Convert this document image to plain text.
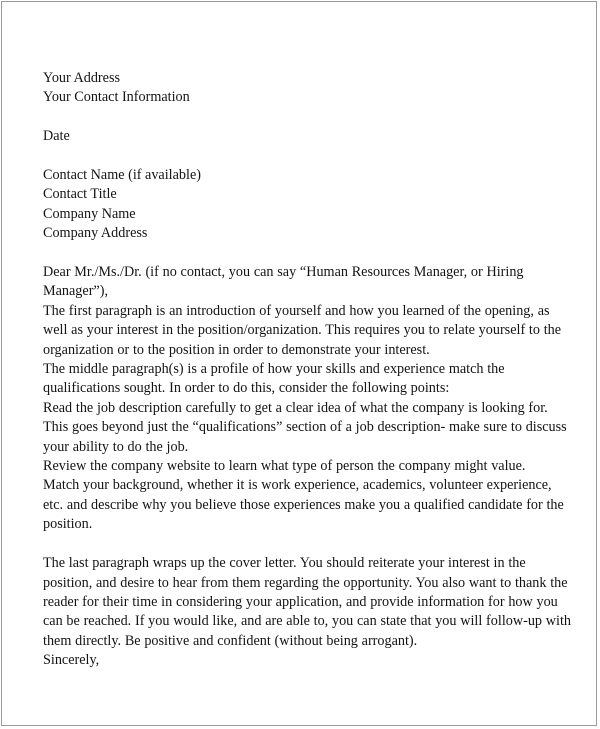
Your Address

Your Contact Information

Date

Contact Name (if available)

Contact Title

Company Name

Company Address

Dear Mr./Ms./Dr. (if no contact, you can say “Human Resources Manager, or Hiring Manager”),

The first paragraph is an introduction of yourself and how you learned of the opening, as well as your interest in the position/organization. This requires you to relate yourself to the organization or to the position in order to demonstrate your interest.

The middle paragraph(s) is a profile of how your skills and experience match the qualifications sought. In order to do this, consider the following points:

Read the job description carefully to get a clear idea of what the company is looking for. This goes beyond just the “qualifications” section of a job description- make sure to discuss your ability to do the job.

Review the company website to learn what type of person the company might value.

Match your background, whether it is work experience, academics, volunteer experience, etc. and describe why you believe those experiences make you a qualified candidate for the position.

The last paragraph wraps up the cover letter. You should reiterate your interest in the position, and desire to hear from them regarding the opportunity. You also want to thank the reader for their time in considering your application, and provide information for how you can be reached. If you would like, and are able to, you can state that you will follow-up with them directly. Be positive and confident (without being arrogant).

Sincerely,
